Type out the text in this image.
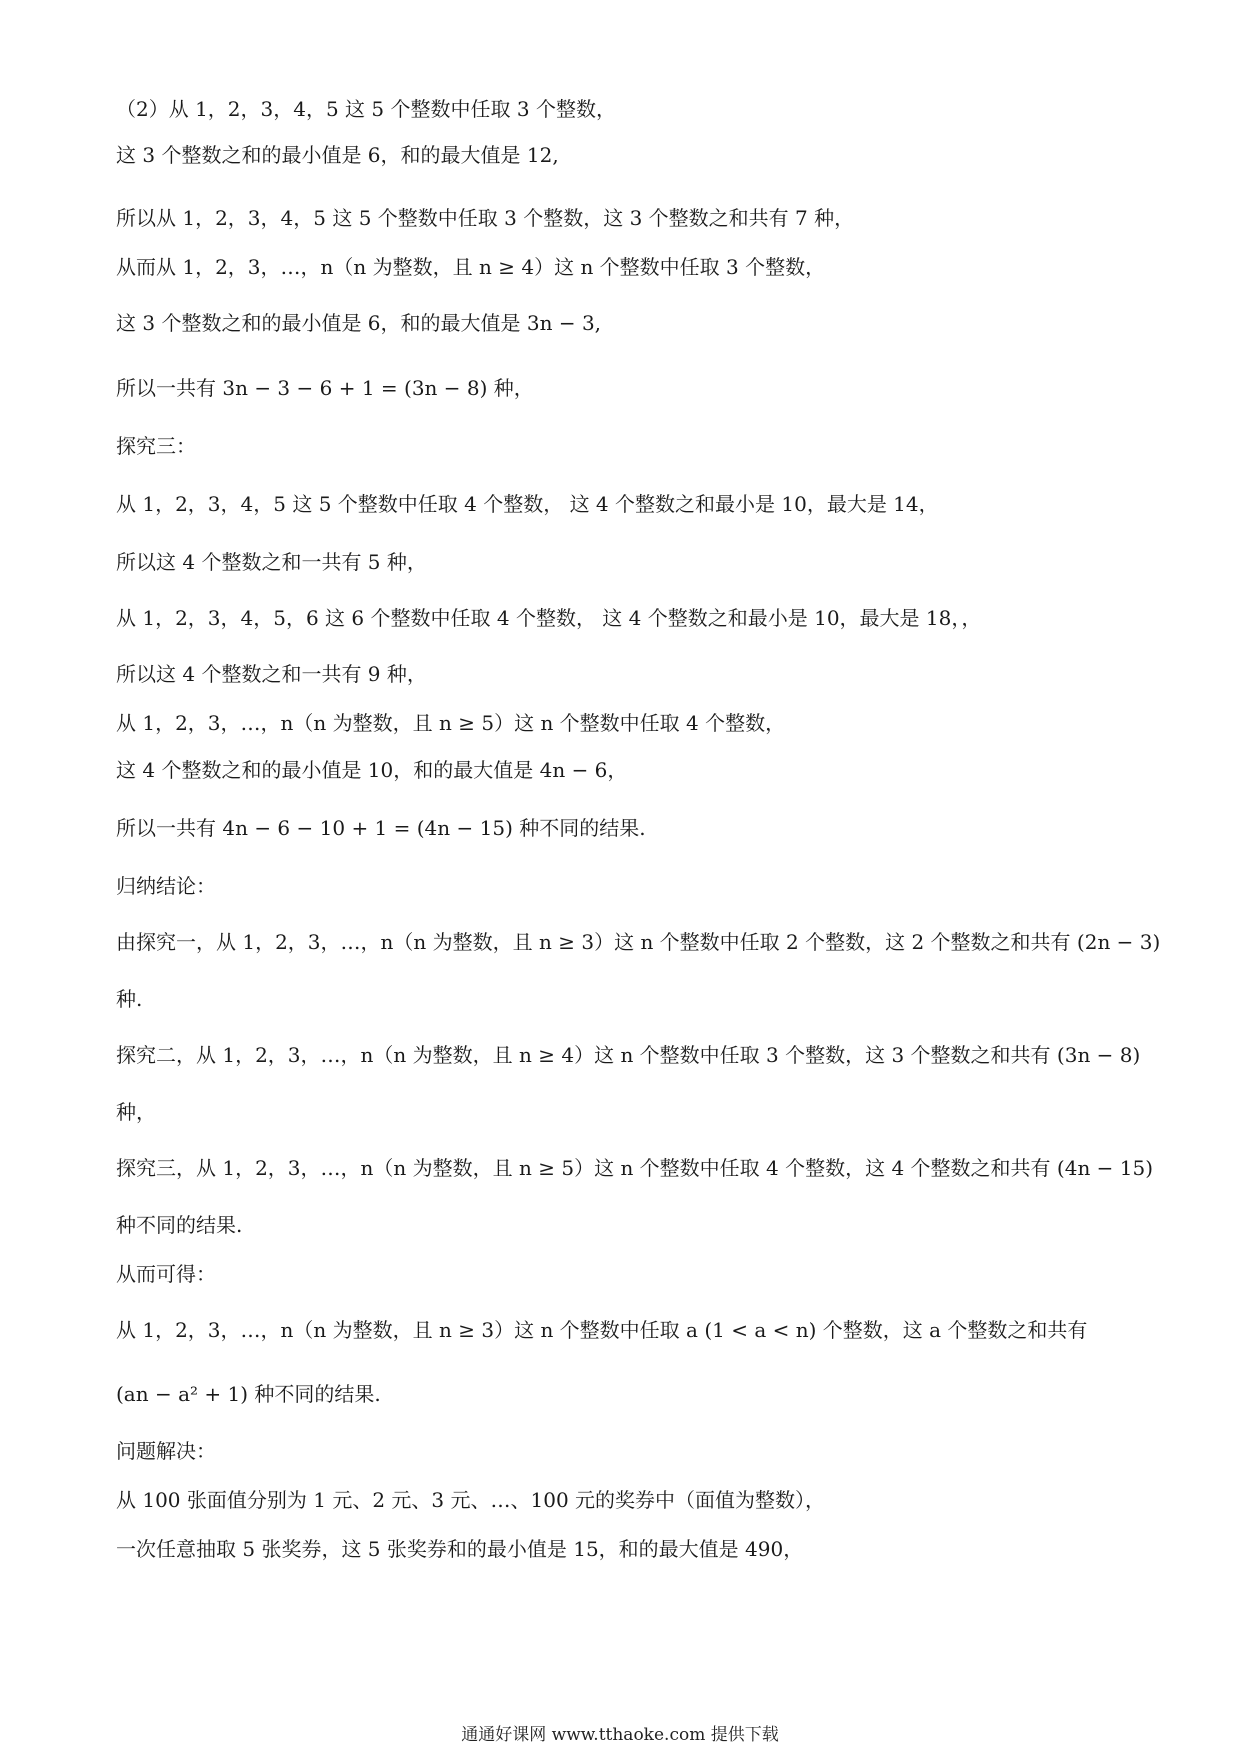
（2）从 1，2，3，4，5 这 5 个整数中任取 3 个整数，
这 3 个整数之和的最小值是 6，和的最大值是 12,
所以从 1，2，3，4，5 这 5 个整数中任取 3 个整数，这 3 个整数之和共有 7 种，
从而从 1，2，3，…，n（n 为整数，且 n ≥ 4）这 n 个整数中任取 3 个整数，
这 3 个整数之和的最小值是 6，和的最大值是 3n − 3,
所以一共有 3n − 3 − 6 + 1 = (3n − 8) 种，
探究三：
从 1，2，3，4，5 这 5 个整数中任取 4 个整数， 这 4 个整数之和最小是 10，最大是 14，
所以这 4 个整数之和一共有 5 种，
从 1，2，3，4，5，6 这 6 个整数中任取 4 个整数， 这 4 个整数之和最小是 10，最大是 18，，
所以这 4 个整数之和一共有 9 种，
从 1，2，3，…，n（n 为整数，且 n ≥ 5）这 n 个整数中任取 4 个整数，
这 4 个整数之和的最小值是 10，和的最大值是 4n − 6，
所以一共有 4n − 6 − 10 + 1 = (4n − 15) 种不同的结果.
归纳结论：
由探究一，从 1，2，3，…，n（n 为整数，且 n ≥ 3）这 n 个整数中任取 2 个整数，这 2 个整数之和共有 (2n − 3)
种.
探究二，从 1，2，3，…，n（n 为整数，且 n ≥ 4）这 n 个整数中任取 3 个整数，这 3 个整数之和共有 (3n − 8)
种，
探究三，从 1，2，3，…，n（n 为整数，且 n ≥ 5）这 n 个整数中任取 4 个整数，这 4 个整数之和共有 (4n − 15)
种不同的结果.
从而可得：
从 1，2，3，…，n（n 为整数，且 n ≥ 3）这 n 个整数中任取 a (1 < a < n) 个整数，这 a 个整数之和共有
(an − a² + 1) 种不同的结果.
问题解决：
从 100 张面值分别为 1 元、2 元、3 元、…、100 元的奖券中（面值为整数），
一次任意抽取 5 张奖券，这 5 张奖券和的最小值是 15，和的最大值是 490，
通通好课网 www.tthaoke.com 提供下载
